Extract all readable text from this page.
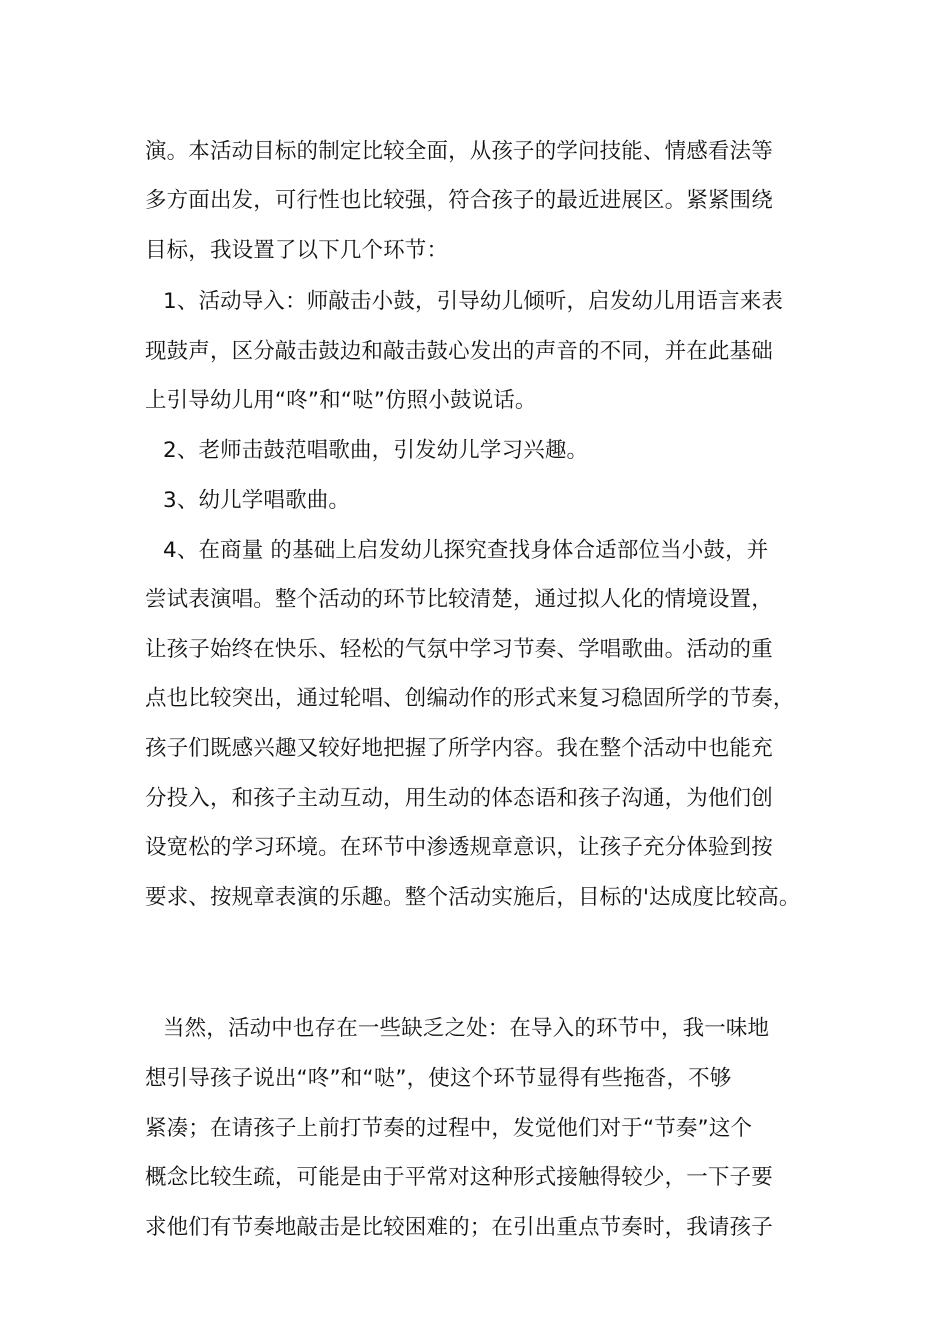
演。本活动目标的制定比较全面，从孩子的学问技能、情感看法等
多方面出发，可行性也比较强，符合孩子的最近进展区。紧紧围绕
目标，我设置了以下几个环节：
1、活动导入：师敲击小鼓，引导幼儿倾听，启发幼儿用语言来表
现鼓声，区分敲击鼓边和敲击鼓心发出的声音的不同，并在此基础
上引导幼儿用“咚”和“哒”仿照小鼓说话。
2、老师击鼓范唱歌曲，引发幼儿学习兴趣。
3、幼儿学唱歌曲。
4、在商量 的基础上启发幼儿探究查找身体合适部位当小鼓，并
尝试表演唱。整个活动的环节比较清楚，通过拟人化的情境设置，
让孩子始终在快乐、轻松的气氛中学习节奏、学唱歌曲。活动的重
点也比较突出，通过轮唱、创编动作的形式来复习稳固所学的节奏，
孩子们既感兴趣又较好地把握了所学内容。我在整个活动中也能充
分投入，和孩子主动互动，用生动的体态语和孩子沟通，为他们创
设宽松的学习环境。在环节中渗透规章意识，让孩子充分体验到按
要求、按规章表演的乐趣。整个活动实施后，目标的'达成度比较高。
当然，活动中也存在一些缺乏之处：在导入的环节中，我一味地
想引导孩子说出“咚”和“哒”，使这个环节显得有些拖沓，不够
紧凑；在请孩子上前打节奏的过程中，发觉他们对于“节奏”这个
概念比较生疏，可能是由于平常对这种形式接触得较少，一下子要
求他们有节奏地敲击是比较困难的；在引出重点节奏时，我请孩子
